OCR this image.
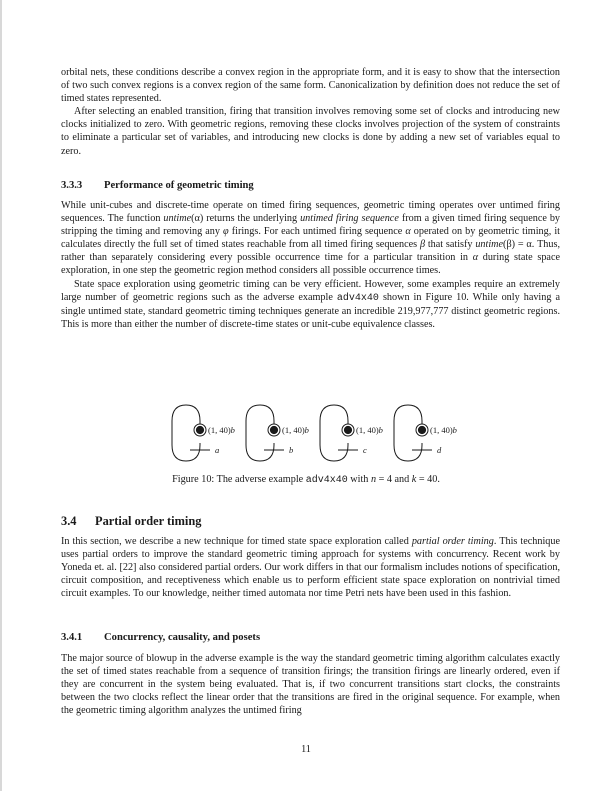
orbital nets, these conditions describe a convex region in the appropriate form, and it is easy to show that the intersection of two such convex regions is a convex region of the same form. Canonicalization by definition does not reduce the set of timed states represented.

After selecting an enabled transition, firing that transition involves removing some set of clocks and introducing new clocks initialized to zero. With geometric regions, removing these clocks involves projection of the system of constraints to eliminate a particular set of variables, and introducing new clocks is done by adding a new set of variables equal to zero.

3.3.3 Performance of geometric timing

While unit-cubes and discrete-time operate on timed firing sequences, geometric timing operates over untimed firing sequences. The function untime(α) returns the underlying untimed firing sequence from a given timed firing sequence by stripping the timing and removing any φ firings. For each untimed firing sequence α operated on by geometric timing, it calculates directly the full set of timed states reachable from all timed firing sequences β that satisfy untime(β) = α. Thus, rather than separately considering every possible occurrence time for a particular transition in α during state space exploration, in one step the geometric region method considers all possible occurrence times.

State space exploration using geometric timing can be very efficient. However, some examples require an extremely large number of geometric regions such as the adverse example adv4x40 shown in Figure 10. While only having a single untimed state, standard geometric timing techniques generate an incredible 219,977,777 distinct geometric regions. This is more than either the number of discrete-time states or unit-cube equivalence classes.

(1, 40)b
a
(1, 40)b
b
(1, 40)b
c
(1, 40)b
d
Figure 10: The adverse example adv4x40 with n = 4 and k = 40.
3.4 Partial order timing

In this section, we describe a new technique for timed state space exploration called partial order timing. This technique uses partial orders to improve the standard geometric timing approach for systems with concurrency. Recent work by Yoneda et. al. [22] also considered partial orders. Our work differs in that our formalism includes notions of specification, circuit composition, and receptiveness which enable us to perform efficient state space exploration on nontrivial timed circuit examples. To our knowledge, neither timed automata nor time Petri nets have been used in this fashion.

3.4.1 Concurrency, causality, and posets

The major source of blowup in the adverse example is the way the standard geometric timing algorithm calculates exactly the set of timed states reachable from a sequence of transition firings; the transition firings are linearly ordered, even if they are concurrent in the system being evaluated. That is, if two concurrent transitions start clocks, the constraints between the two clocks reflect the linear order that the transitions are fired in the original sequence. For example, when the geometric timing algorithm analyzes the untimed firing

11
